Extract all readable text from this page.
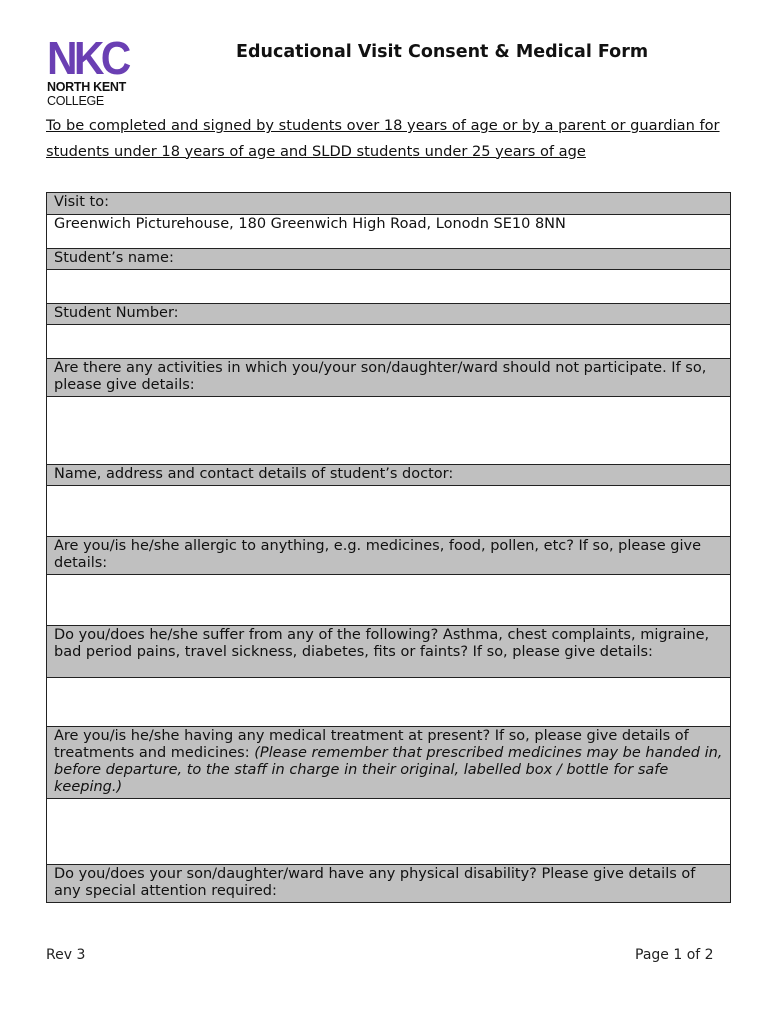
NKC
NORTH KENT
COLLEGE
Educational Visit Consent & Medical Form
To be completed and signed by students over 18 years of age or by a parent or guardian for students under 18 years of age and SLDD students under 25 years of age
Visit to:
Greenwich Picturehouse, 180 Greenwich High Road, Lonodn SE10 8NN
Student’s name:

Student Number:

Are there any activities in which you/your son/daughter/ward should not participate. If so, please give details:

Name, address and contact details of student’s doctor:

Are you/is he/she allergic to anything, e.g. medicines, food, pollen, etc? If so, please give details:

Do you/does he/she suffer from any of the following? Asthma, chest complaints, migraine, bad period pains, travel sickness, diabetes, fits or faints? If so, please give details:

Are you/is he/she having any medical treatment at present? If so, please give details of treatments and medicines: (Please remember that prescribed medicines may be handed in, before departure, to the staff in charge in their original, labelled box / bottle for safe keeping.)

Do you/does your son/daughter/ward have any physical disability? Please give details of any special attention required:
Rev 3	Page 1 of 2
